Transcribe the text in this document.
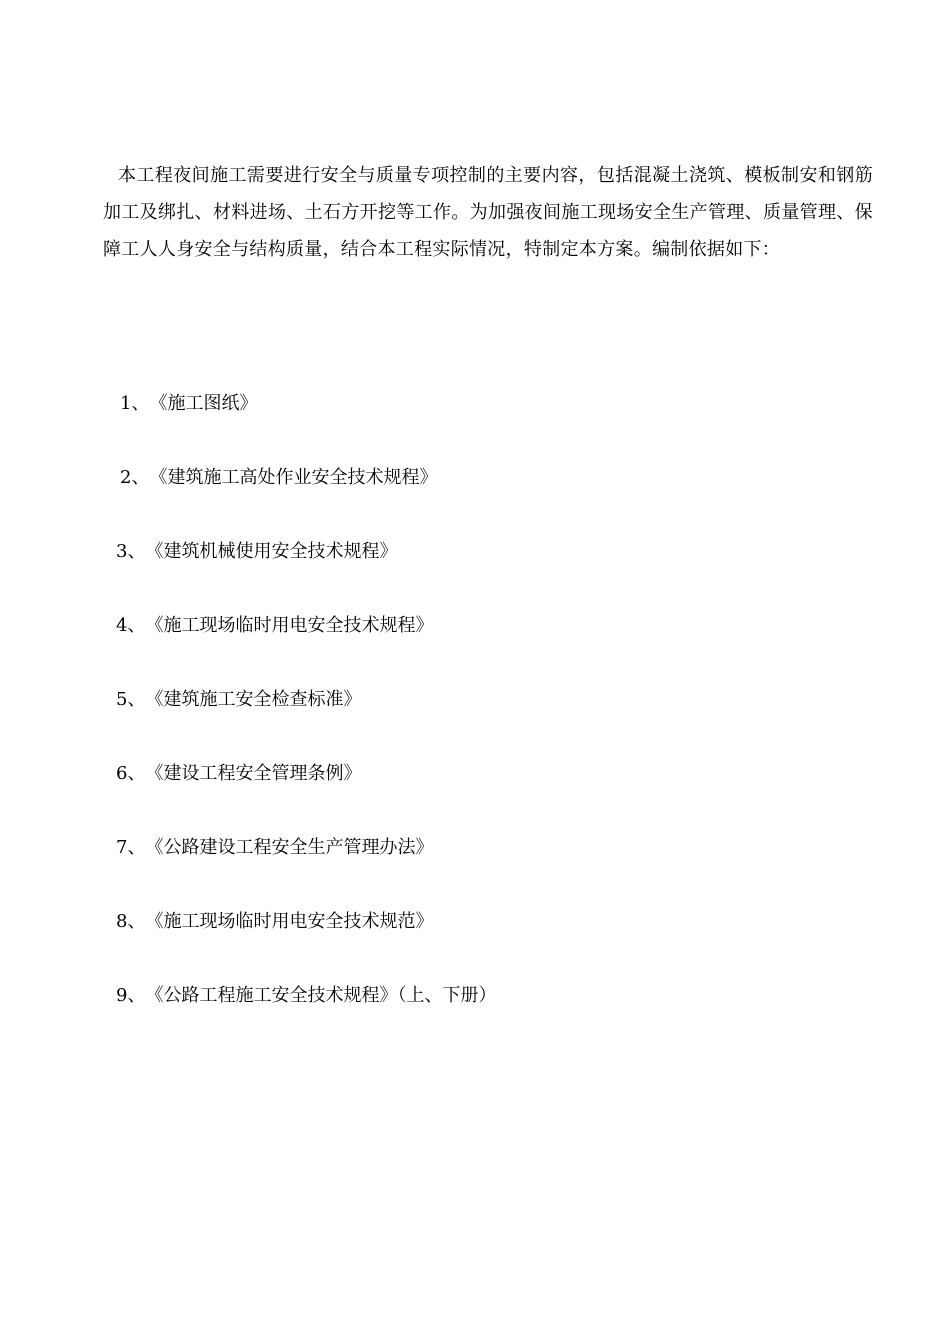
本工程夜间施工需要进行安全与质量专项控制的主要内容，包括混凝土浇筑、模板制安和钢筋加工及绑扎、材料进场、土石方开挖等工作。为加强夜间施工现场安全生产管理、质量管理、保障工人人身安全与结构质量，结合本工程实际情况，特制定本方案。编制依据如下：

1、《施工图纸》
2、《建筑施工高处作业安全技术规程》
3、《建筑机械使用安全技术规程》
4、《施工现场临时用电安全技术规程》
5、《建筑施工安全检查标准》
6、《建设工程安全管理条例》
7、《公路建设工程安全生产管理办法》
8、《施工现场临时用电安全技术规范》
9、《公路工程施工安全技术规程》（上、下册）
